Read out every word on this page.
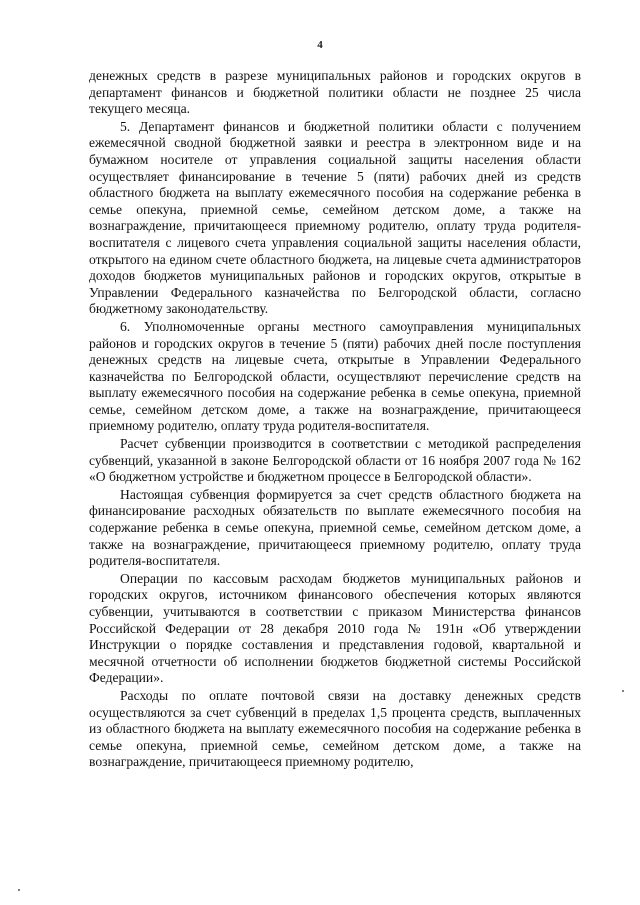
4

денежных средств в разрезе муниципальных районов и городских округов в департамент финансов и бюджетной политики области не позднее 25 числа текущего месяца.

5. Департамент финансов и бюджетной политики области с получением ежемесячной сводной бюджетной заявки и реестра в электронном виде и на бумажном носителе от управления социальной защиты населения области осуществляет финансирование в течение 5 (пяти) рабочих дней из средств областного бюджета на выплату ежемесячного пособия на содержание ребенка в семье опекуна, приемной семье, семейном детском доме, а также на вознаграждение, причитающееся приемному родителю, оплату труда родителя-воспитателя с лицевого счета управления социальной защиты населения области, открытого на едином счете областного бюджета, на лицевые счета администраторов доходов бюджетов муниципальных районов и городских округов, открытые в Управлении Федерального казначейства по Белгородской области, согласно бюджетному законодательству.

6. Уполномоченные органы местного самоуправления муниципальных районов и городских округов в течение 5 (пяти) рабочих дней после поступления денежных средств на лицевые счета, открытые в Управлении Федерального казначейства по Белгородской области, осуществляют перечисление средств на выплату ежемесячного пособия на содержание ребенка в семье опекуна, приемной семье, семейном детском доме, а также на вознаграждение, причитающееся приемному родителю, оплату труда родителя-воспитателя.

Расчет субвенции производится в соответствии с методикой распределения субвенций, указанной в законе Белгородской области от 16 ноября 2007 года № 162 «О бюджетном устройстве и бюджетном процессе в Белгородской области».

Настоящая субвенция формируется за счет средств областного бюджета на финансирование расходных обязательств по выплате ежемесячного пособия на содержание ребенка в семье опекуна, приемной семье, семейном детском доме, а также на вознаграждение, причитающееся приемному родителю, оплату труда родителя-воспитателя.

Операции по кассовым расходам бюджетов муниципальных районов и городских округов, источником финансового обеспечения которых являются субвенции, учитываются в соответствии с приказом Министерства финансов Российской Федерации от 28 декабря 2010 года № 191н «Об утверждении Инструкции о порядке составления и представления годовой, квартальной и месячной отчетности об исполнении бюджетов бюджетной системы Российской Федерации».

Расходы по оплате почтовой связи на доставку денежных средств осуществляются за счет субвенций в пределах 1,5 процента средств, выплаченных из областного бюджета на выплату ежемесячного пособия на содержание ребенка в семье опекуна, приемной семье, семейном детском доме, а также на вознаграждение, причитающееся приемному родителю,
